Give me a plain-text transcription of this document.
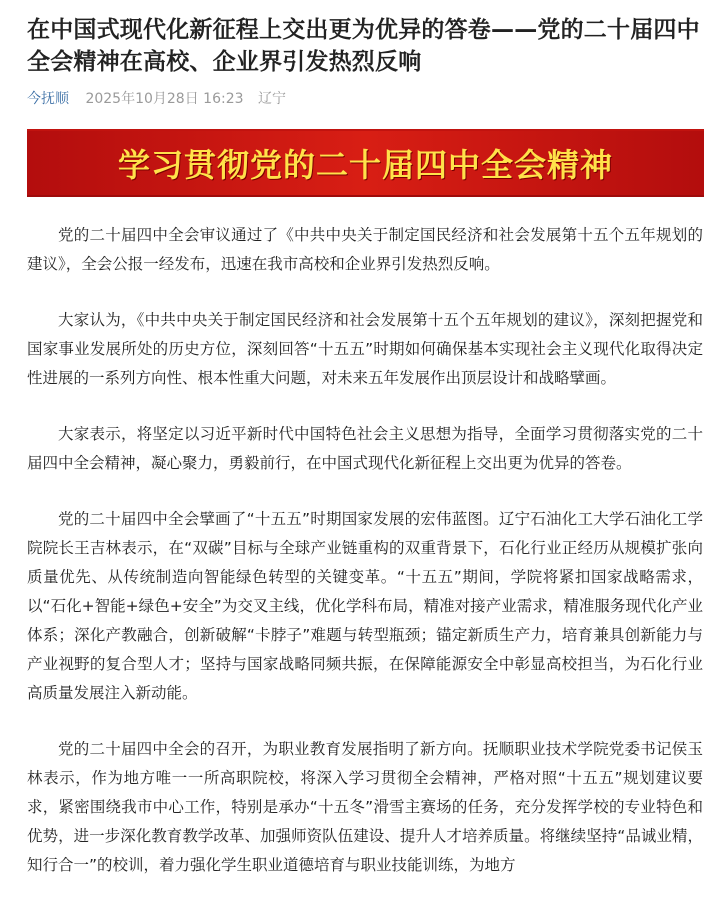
在中国式现代化新征程上交出更为优异的答卷——党的二十届四中全会精神在高校、企业界引发热烈反响
今抚顺 2025年10月28日 16:23 辽宁
学习贯彻党的二十届四中全会精神

党的二十届四中全会审议通过了《中共中央关于制定国民经济和社会发展第十五个五年规划的建议》，全会公报一经发布，迅速在我市高校和企业界引发热烈反响。

大家认为，《中共中央关于制定国民经济和社会发展第十五个五年规划的建议》，深刻把握党和国家事业发展所处的历史方位，深刻回答“十五五”时期如何确保基本实现社会主义现代化取得决定性进展的一系列方向性、根本性重大问题，对未来五年发展作出顶层设计和战略擘画。

大家表示，将坚定以习近平新时代中国特色社会主义思想为指导，全面学习贯彻落实党的二十届四中全会精神，凝心聚力，勇毅前行，在中国式现代化新征程上交出更为优异的答卷。

党的二十届四中全会擘画了“十五五”时期国家发展的宏伟蓝图。辽宁石油化工大学石油化工学院院长王吉林表示，在“双碳”目标与全球产业链重构的双重背景下，石化行业正经历从规模扩张向质量优先、从传统制造向智能绿色转型的关键变革。“十五五”期间，学院将紧扣国家战略需求，以“石化+智能+绿色+安全”为交叉主线，优化学科布局，精准对接产业需求，精准服务现代化产业体系；深化产教融合，创新破解“卡脖子”难题与转型瓶颈；锚定新质生产力，培育兼具创新能力与产业视野的复合型人才；坚持与国家战略同频共振，在保障能源安全中彰显高校担当，为石化行业高质量发展注入新动能。

党的二十届四中全会的召开，为职业教育发展指明了新方向。抚顺职业技术学院党委书记侯玉林表示，作为地方唯一一所高职院校，将深入学习贯彻全会精神，严格对照“十五五”规划建议要求，紧密围绕我市中心工作，特别是承办“十五冬”滑雪主赛场的任务，充分发挥学校的专业特色和优势，进一步深化教育教学改革、加强师资队伍建设、提升人才培养质量。将继续坚持“品诚业精，知行合一”的校训，着力强化学生职业道德培育与职业技能训练，为地方
